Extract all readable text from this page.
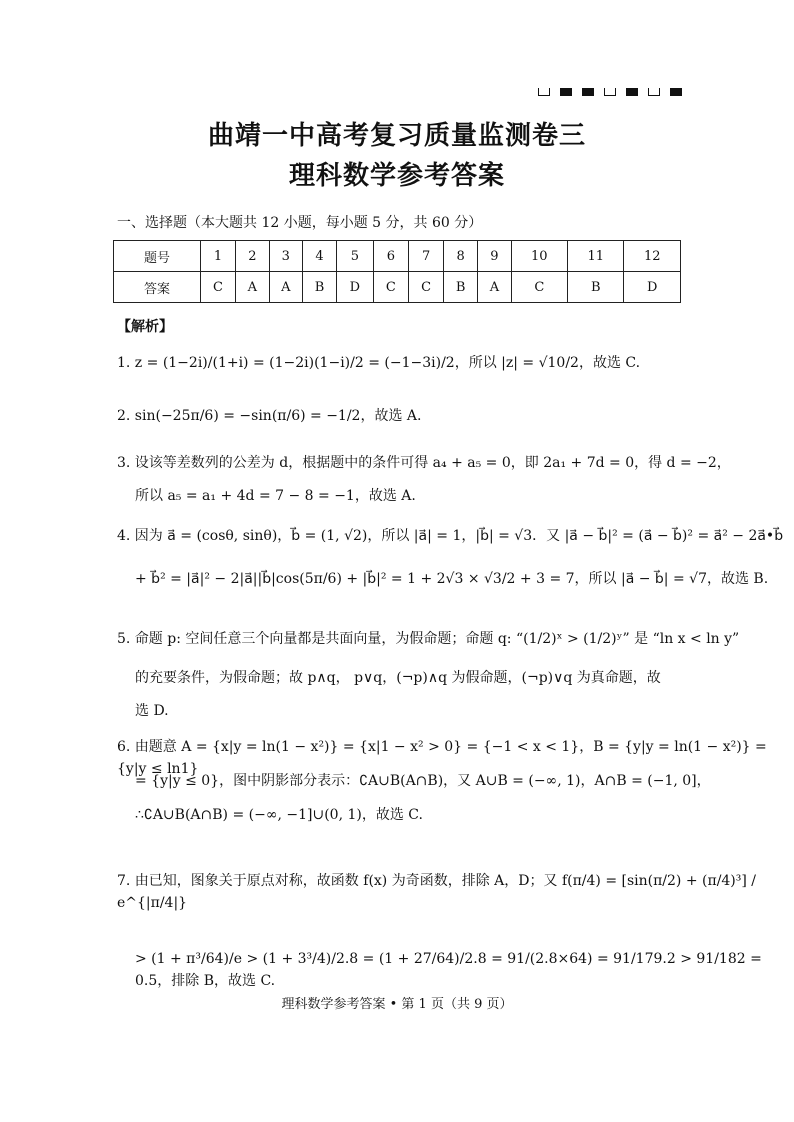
曲靖一中高考复习质量监测卷三
理科数学参考答案
一、选择题（本大题共 12 小题，每小题 5 分，共 60 分）
题号	1	2	3	4	5	6	7	8	9	10	11	12
答案	C	A	A	B	D	C	C	B	A	C	B	D
【解析】
1. z = (1−2i)/(1+i) = (1−2i)(1−i)/2 = (−1−3i)/2，所以 |z| = √10/2，故选 C.
2. sin(−25π/6) = −sin(π/6) = −1/2，故选 A.
3. 设该等差数列的公差为 d，根据题中的条件可得 a₄ + a₅ = 0，即 2a₁ + 7d = 0，得 d = −2，
所以 a₅ = a₁ + 4d = 7 − 8 = −1，故选 A.
4. 因为 a⃗ = (cosθ, sinθ)，b⃗ = (1, √2)，所以 |a⃗| = 1，|b⃗| = √3．又 |a⃗ − b⃗|² = (a⃗ − b⃗)² = a⃗² − 2a⃗•b⃗
+ b⃗² = |a⃗|² − 2|a⃗||b⃗|cos(5π/6) + |b⃗|² = 1 + 2√3 × √3/2 + 3 = 7，所以 |a⃗ − b⃗| = √7，故选 B.
5. 命题 p: 空间任意三个向量都是共面向量，为假命题；命题 q: “(1/2)ˣ > (1/2)ʸ” 是 “ln x < ln y”
的充要条件，为假命题；故 p∧q， p∨q，(¬p)∧q 为假命题，(¬p)∨q 为真命题，故
选 D.
6. 由题意 A = {x|y = ln(1 − x²)} = {x|1 − x² > 0} = {−1 < x < 1}，B = {y|y = ln(1 − x²)} = {y|y ≤ ln1}
= {y|y ≤ 0}，图中阴影部分表示：∁A∪B(A∩B)，又 A∪B = (−∞, 1)，A∩B = (−1, 0]，
∴∁A∪B(A∩B) = (−∞, −1]∪(0, 1)，故选 C.
7. 由已知，图象关于原点对称，故函数 f(x) 为奇函数，排除 A，D；又 f(π/4) = [sin(π/2) + (π/4)³] / e^{|π/4|}
> (1 + π³/64)/e > (1 + 3³/4)/2.8 = (1 + 27/64)/2.8 = 91/(2.8×64) = 91/179.2 > 91/182 = 0.5，排除 B，故选 C.
理科数学参考答案 • 第 1 页（共 9 页）
